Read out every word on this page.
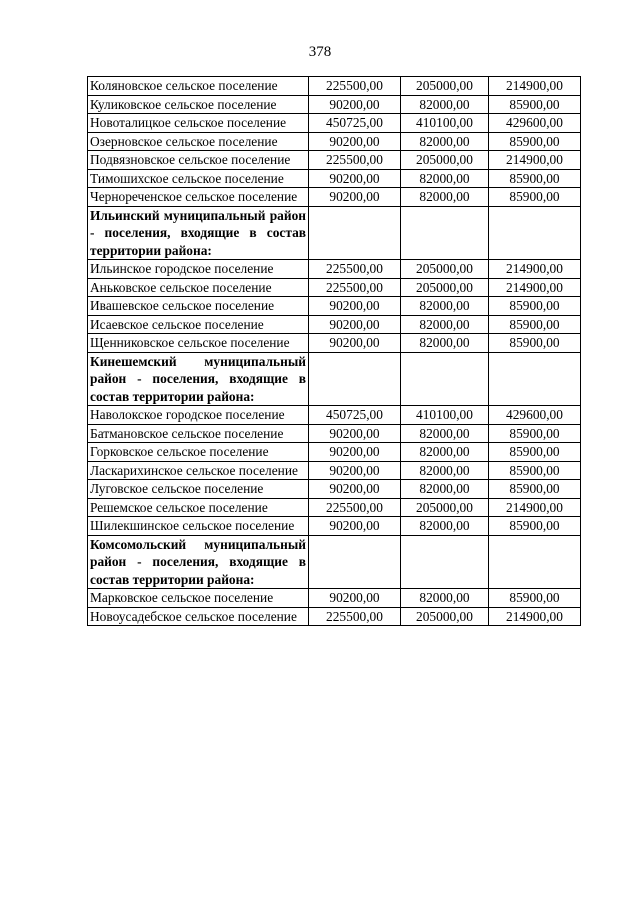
378
Коляновское сельское поселение	225500,00	205000,00	214900,00
Куликовское сельское поселение	90200,00	82000,00	85900,00
Новоталицкое сельское поселение	450725,00	410100,00	429600,00
Озерновское сельское поселение	90200,00	82000,00	85900,00
Подвязновское сельское поселение	225500,00	205000,00	214900,00
Тимошихское сельское поселение	90200,00	82000,00	85900,00
Чернореченское сельское поселение	90200,00	82000,00	85900,00
Ильинский муниципальный район - поселения, входящие в состав территории района:			
Ильинское городское поселение	225500,00	205000,00	214900,00
Аньковское сельское поселение	225500,00	205000,00	214900,00
Ивашевское сельское поселение	90200,00	82000,00	85900,00
Исаевское сельское поселение	90200,00	82000,00	85900,00
Щенниковское сельское поселение	90200,00	82000,00	85900,00
Кинешемский муниципальный район - поселения, входящие в состав территории района:			
Наволокское городское поселение	450725,00	410100,00	429600,00
Батмановское сельское поселение	90200,00	82000,00	85900,00
Горковское сельское поселение	90200,00	82000,00	85900,00
Ласкарихинское сельское поселение	90200,00	82000,00	85900,00
Луговское сельское поселение	90200,00	82000,00	85900,00
Решемское сельское поселение	225500,00	205000,00	214900,00
Шилекшинское сельское поселение	90200,00	82000,00	85900,00
Комсомольский муниципальный район - поселения, входящие в состав территории района:			
Марковское сельское поселение	90200,00	82000,00	85900,00
Новоусадебское сельское поселение	225500,00	205000,00	214900,00
